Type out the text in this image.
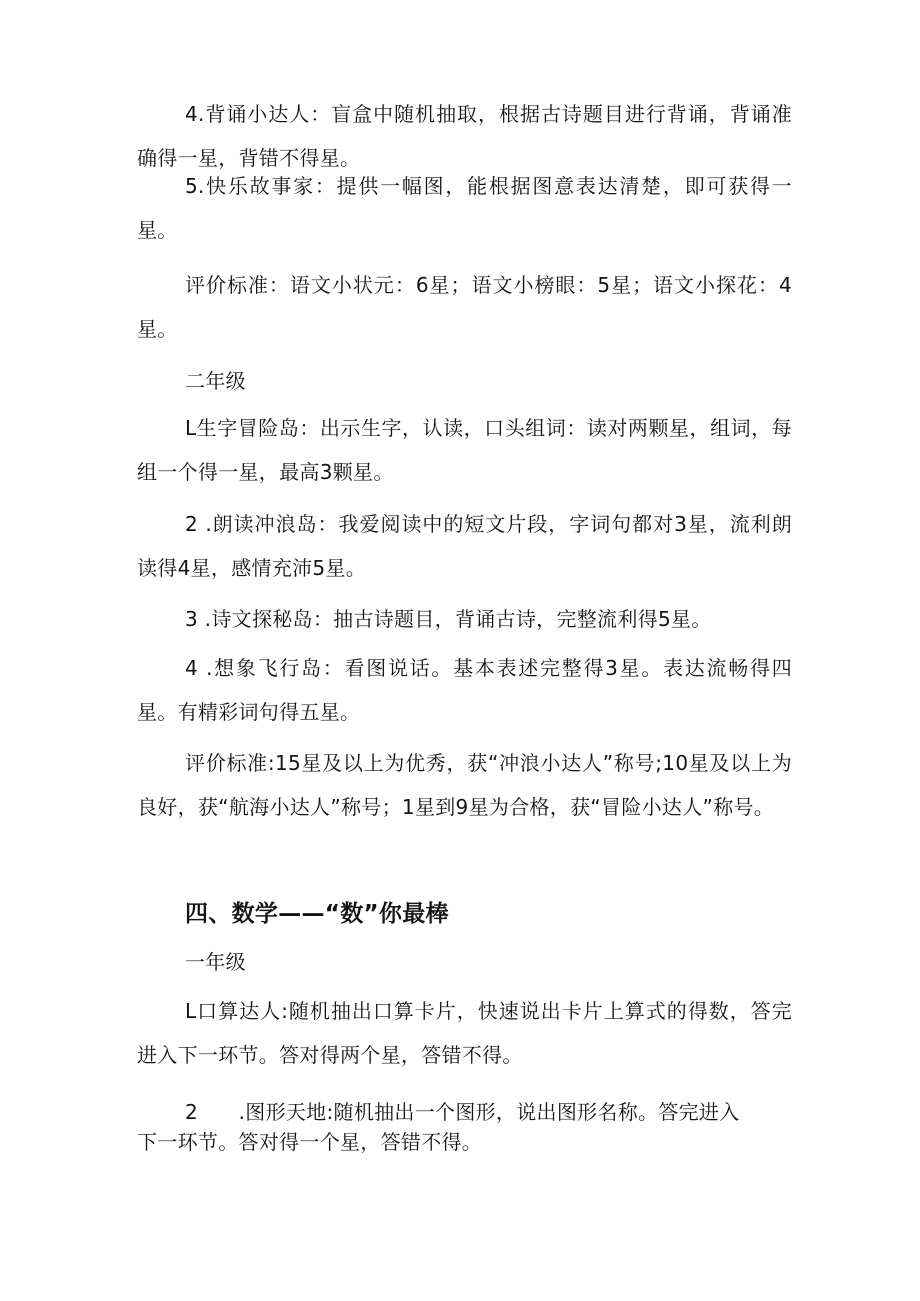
4.背诵小达人：盲盒中随机抽取，根据古诗题目进行背诵，背诵准确得一星，背错不得星。

5.快乐故事家：提供一幅图，能根据图意表达清楚，即可获得一星。

评价标准：语文小状元：6星；语文小榜眼：5星；语文小探花：4星。

二年级

L生字冒险岛：出示生字，认读，口头组词：读对两颗星，组词，每组一个得一星，最高3颗星。

2 .朗读冲浪岛：我爱阅读中的短文片段，字词句都对3星，流利朗读得4星，感情充沛5星。

3 .诗文探秘岛：抽古诗题目，背诵古诗，完整流利得5星。

4 .想象飞行岛：看图说话。基本表述完整得3星。表达流畅得四星。有精彩词句得五星。

评价标准:15星及以上为优秀，获“冲浪小达人”称号;10星及以上为良好，获“航海小达人”称号；1星到9星为合格，获“冒险小达人”称号。

四、数学——“数”你最棒

一年级

L口算达人:随机抽出口算卡片，快速说出卡片上算式的得数，答完进入下一环节。答对得两个星，答错不得。

2　　.图形天地:随机抽出一个图形，说出图形名称。答完进入

下一环节。答对得一个星，答错不得。
